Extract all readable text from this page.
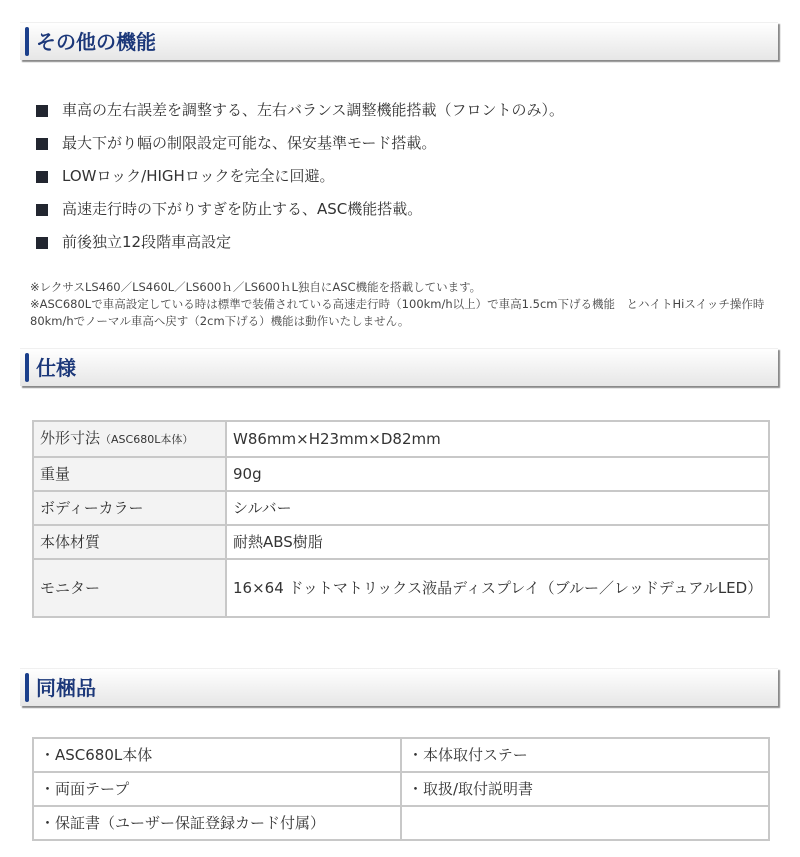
その他の機能
車高の左右誤差を調整する、左右バランス調整機能搭載（フロントのみ）。
最大下がり幅の制限設定可能な、保安基準モード搭載。
LOWロック/HIGHロックを完全に回避。
高速走行時の下がりすぎを防止する、ASC機能搭載。
前後独立12段階車高設定

※レクサスLS460／LS460L／LS600ｈ／LS600ｈL独自にASC機能を搭載しています。

※ASC680Lで車高設定している時は標準で装備されている高速走行時（100km/h以上）で車高1.5cm下げる機能　とハイトHiスイッチ操作時　80km/hでノーマル車高へ戻す（2cm下げる）機能は動作いたしません。

仕様
外形寸法（ASC680L本体）	W86mm×H23mm×D82mm
重量	90g
ボディーカラー	シルバー
本体材質	耐熱ABS樹脂
モニター	16×64 ドットマトリックス液晶ディスプレイ（ブルー／レッドデュアルLED）
同梱品
・ASC680L本体	・本体取付ステー
・両面テープ	・取扱/取付説明書
・保証書（ユーザー保証登録カード付属）	
